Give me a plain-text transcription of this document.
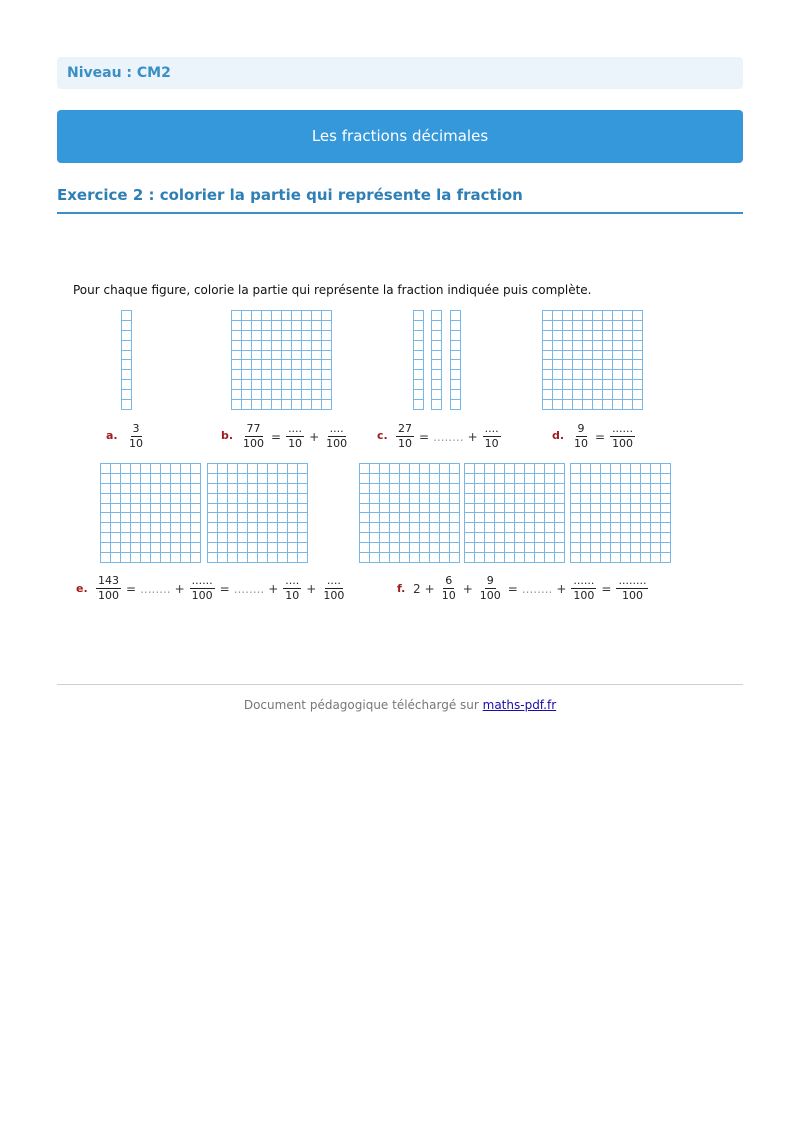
Niveau : CM2
Les fractions décimales
Exercice 2 : colorier la partie qui représente la fraction
Pour chaque figure, colorie la partie qui représente la fraction indiquée puis complète.
a. $\frac{3}{10}$	b. $\frac{77}{100} = \frac{....}{10} + \frac{....}{100}$	c. $\frac{27}{10}$ = ........ + $\frac{....}{10}$	d. $\frac{9}{10} = \frac{......}{100}$
e. $\frac{143}{100}$ = ........ + $\frac{......}{100}$ = ........ + $\frac{....}{10} + \frac{....}{100}$	f. $2 + \frac{6}{10} + \frac{9}{100}$ = ........ + $\frac{......}{100} = \frac{........}{100}$
Document pédagogique téléchargé sur maths-pdf.fr
